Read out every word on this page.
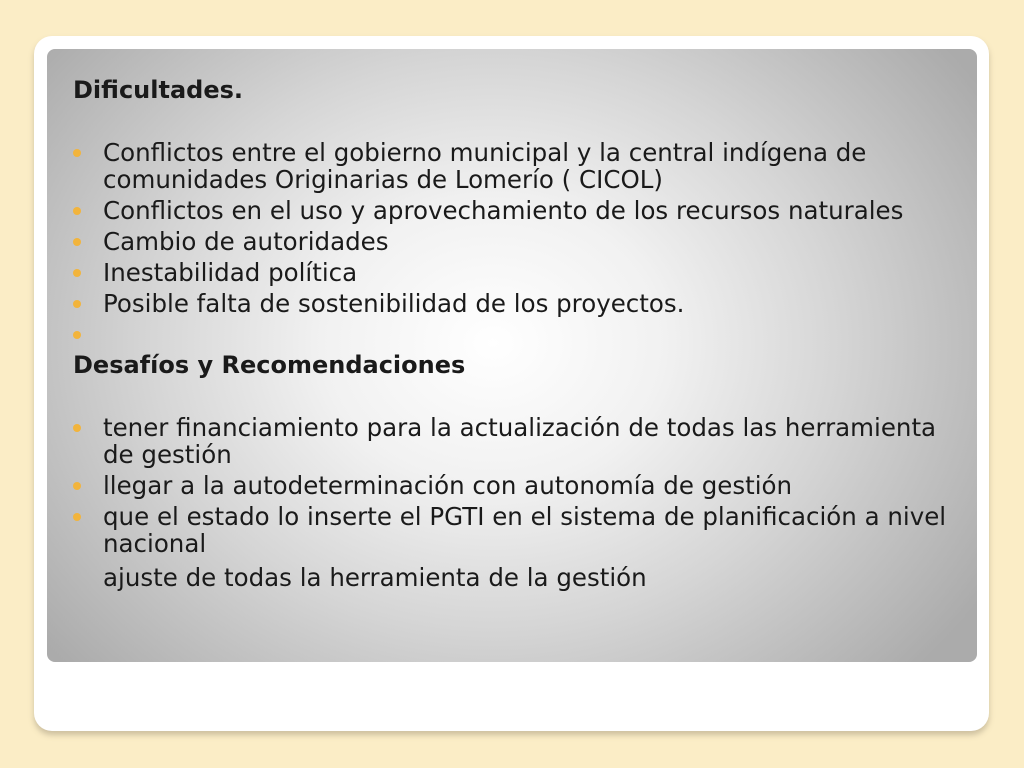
Dificultades.
Conflictos entre el gobierno municipal y la central indígena de comunidades Originarias de Lomerío ( CICOL)
Conflictos en el uso y aprovechamiento de los recursos naturales
Cambio de autoridades
Inestabilidad política
Posible falta de sostenibilidad de los proyectos.
Desafíos y Recomendaciones
tener financiamiento para la actualización de todas las herramienta de gestión
llegar a la autodeterminación con autonomía de gestión
que el estado lo inserte el PGTI en el sistema de planificación a nivel nacional
ajuste de todas la herramienta de la gestión
